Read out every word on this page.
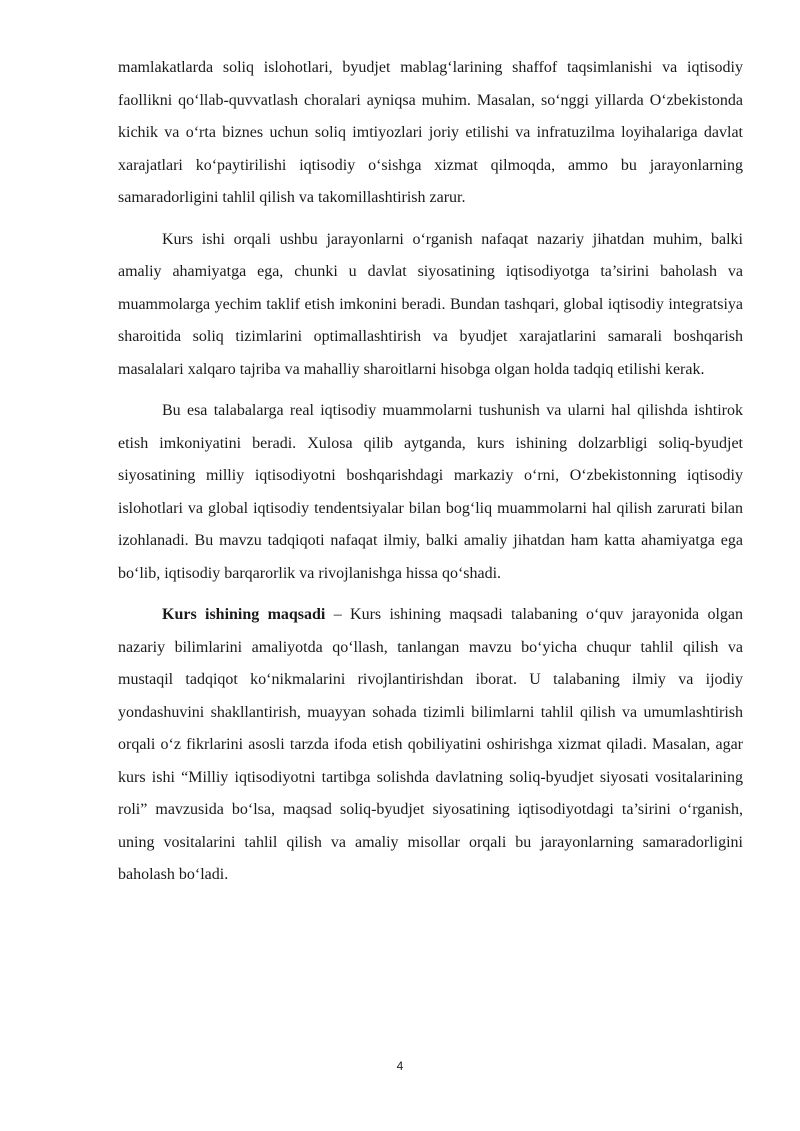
mamlakatlarda soliq islohotlari, byudjet mablag‘larining shaffof taqsimlanishi va iqtisodiy faollikni qo‘llab-quvvatlash choralari ayniqsa muhim. Masalan, so‘nggi yillarda O‘zbekistonda kichik va o‘rta biznes uchun soliq imtiyozlari joriy etilishi va infratuzilma loyihalariga davlat xarajatlari ko‘paytirilishi iqtisodiy o‘sishga xizmat qilmoqda, ammo bu jarayonlarning samaradorligini tahlil qilish va takomillashtirish zarur.

Kurs ishi orqali ushbu jarayonlarni o‘rganish nafaqat nazariy jihatdan muhim, balki amaliy ahamiyatga ega, chunki u davlat siyosatining iqtisodiyotga ta’sirini baholash va muammolarga yechim taklif etish imkonini beradi. Bundan tashqari, global iqtisodiy integratsiya sharoitida soliq tizimlarini optimallashtirish va byudjet xarajatlarini samarali boshqarish masalalari xalqaro tajriba va mahalliy sharoitlarni hisobga olgan holda tadqiq etilishi kerak.

Bu esa talabalarga real iqtisodiy muammolarni tushunish va ularni hal qilishda ishtirok etish imkoniyatini beradi. Xulosa qilib aytganda, kurs ishining dolzarbligi soliq-byudjet siyosatining milliy iqtisodiyotni boshqarishdagi markaziy o‘rni, O‘zbekistonning iqtisodiy islohotlari va global iqtisodiy tendentsiyalar bilan bog‘liq muammolarni hal qilish zarurati bilan izohlanadi. Bu mavzu tadqiqoti nafaqat ilmiy, balki amaliy jihatdan ham katta ahamiyatga ega bo‘lib, iqtisodiy barqarorlik va rivojlanishga hissa qo‘shadi.

Kurs ishining maqsadi – Kurs ishining maqsadi talabaning o‘quv jarayonida olgan nazariy bilimlarini amaliyotda qo‘llash, tanlangan mavzu bo‘yicha chuqur tahlil qilish va mustaqil tadqiqot ko‘nikmalarini rivojlantirishdan iborat. U talabaning ilmiy va ijodiy yondashuvini shakllantirish, muayyan sohada tizimli bilimlarni tahlil qilish va umumlashtirish orqali o‘z fikrlarini asosli tarzda ifoda etish qobiliyatini oshirishga xizmat qiladi. Masalan, agar kurs ishi “Milliy iqtisodiyotni tartibga solishda davlatning soliq-byudjet siyosati vositalarining roli” mavzusida bo‘lsa, maqsad soliq-byudjet siyosatining iqtisodiyotdagi ta’sirini o‘rganish, uning vositalarini tahlil qilish va amaliy misollar orqali bu jarayonlarning samaradorligini baholash bo‘ladi.

4
